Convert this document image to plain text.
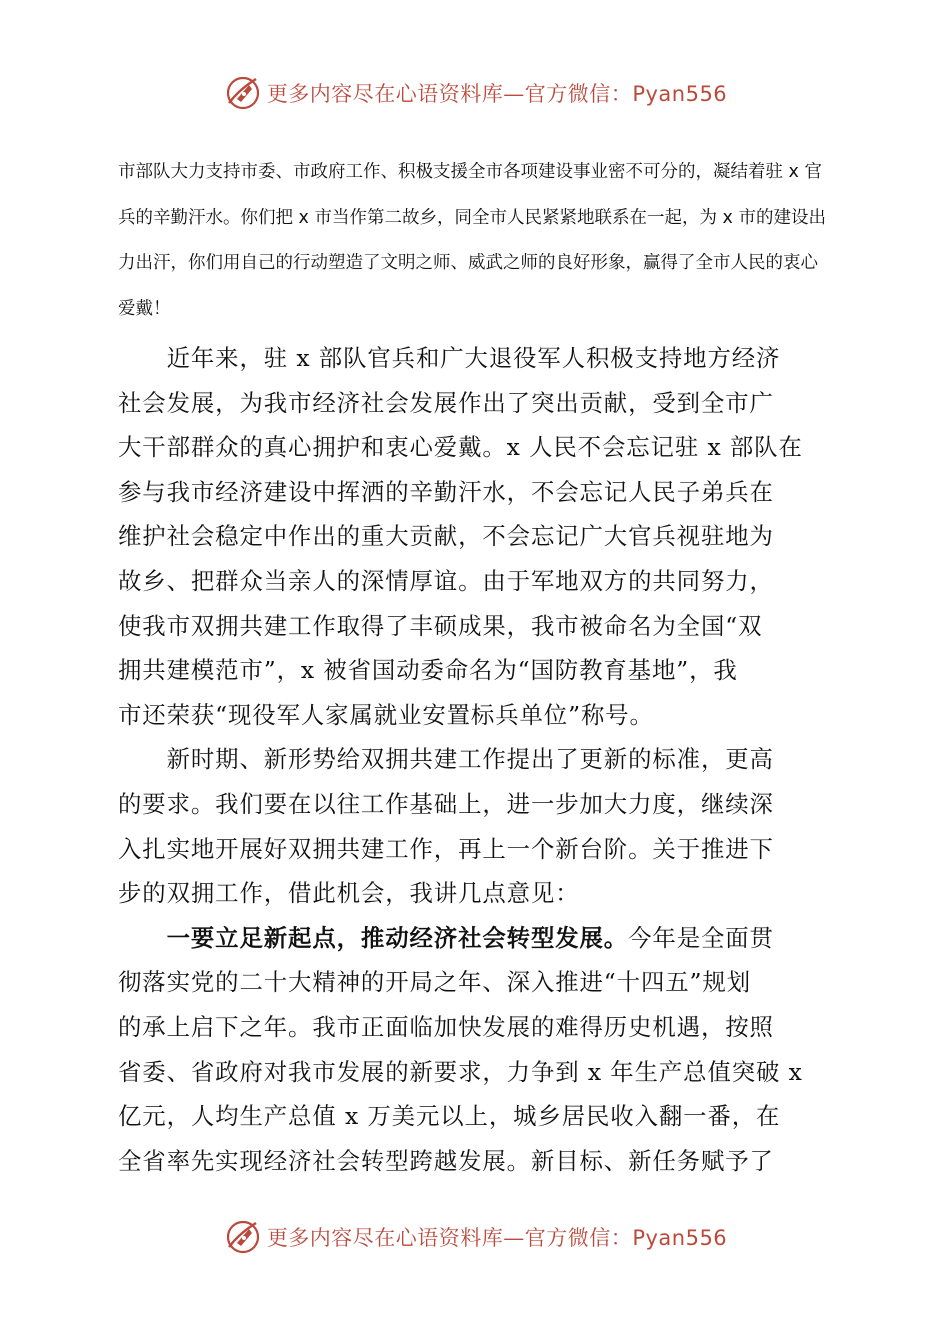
更多内容尽在心语资料库—官方微信：Pyan556

市部队大力支持市委、市政府工作、积极支援全市各项建设事业密不可分的，凝结着驻 x 官
兵的辛勤汗水。你们把 x 市当作第二故乡，同全市人民紧紧地联系在一起，为 x 市的建设出
力出汗，你们用自己的行动塑造了文明之师、威武之师的良好形象，赢得了全市人民的衷心
爱戴！

　　近年来，驻 x 部队官兵和广大退役军人积极支持地方经济
社会发展，为我市经济社会发展作出了突出贡献，受到全市广
大干部群众的真心拥护和衷心爱戴。x 人民不会忘记驻 x 部队在
参与我市经济建设中挥洒的辛勤汗水，不会忘记人民子弟兵在
维护社会稳定中作出的重大贡献，不会忘记广大官兵视驻地为
故乡、把群众当亲人的深情厚谊。由于军地双方的共同努力，
使我市双拥共建工作取得了丰硕成果，我市被命名为全国“双
拥共建模范市”，x 被省国动委命名为“国防教育基地”，我
市还荣获“现役军人家属就业安置标兵单位”称号。

　　新时期、新形势给双拥共建工作提出了更新的标准，更高
的要求。我们要在以往工作基础上，进一步加大力度，继续深
入扎实地开展好双拥共建工作，再上一个新台阶。关于推进下
步的双拥工作，借此机会，我讲几点意见：

　　一要立足新起点，推动经济社会转型发展。今年是全面贯
彻落实党的二十大精神的开局之年、深入推进“十四五”规划
的承上启下之年。我市正面临加快发展的难得历史机遇，按照
省委、省政府对我市发展的新要求，力争到 x 年生产总值突破 x
亿元，人均生产总值 x 万美元以上，城乡居民收入翻一番，在
全省率先实现经济社会转型跨越发展。新目标、新任务赋予了

更多内容尽在心语资料库—官方微信：Pyan556
